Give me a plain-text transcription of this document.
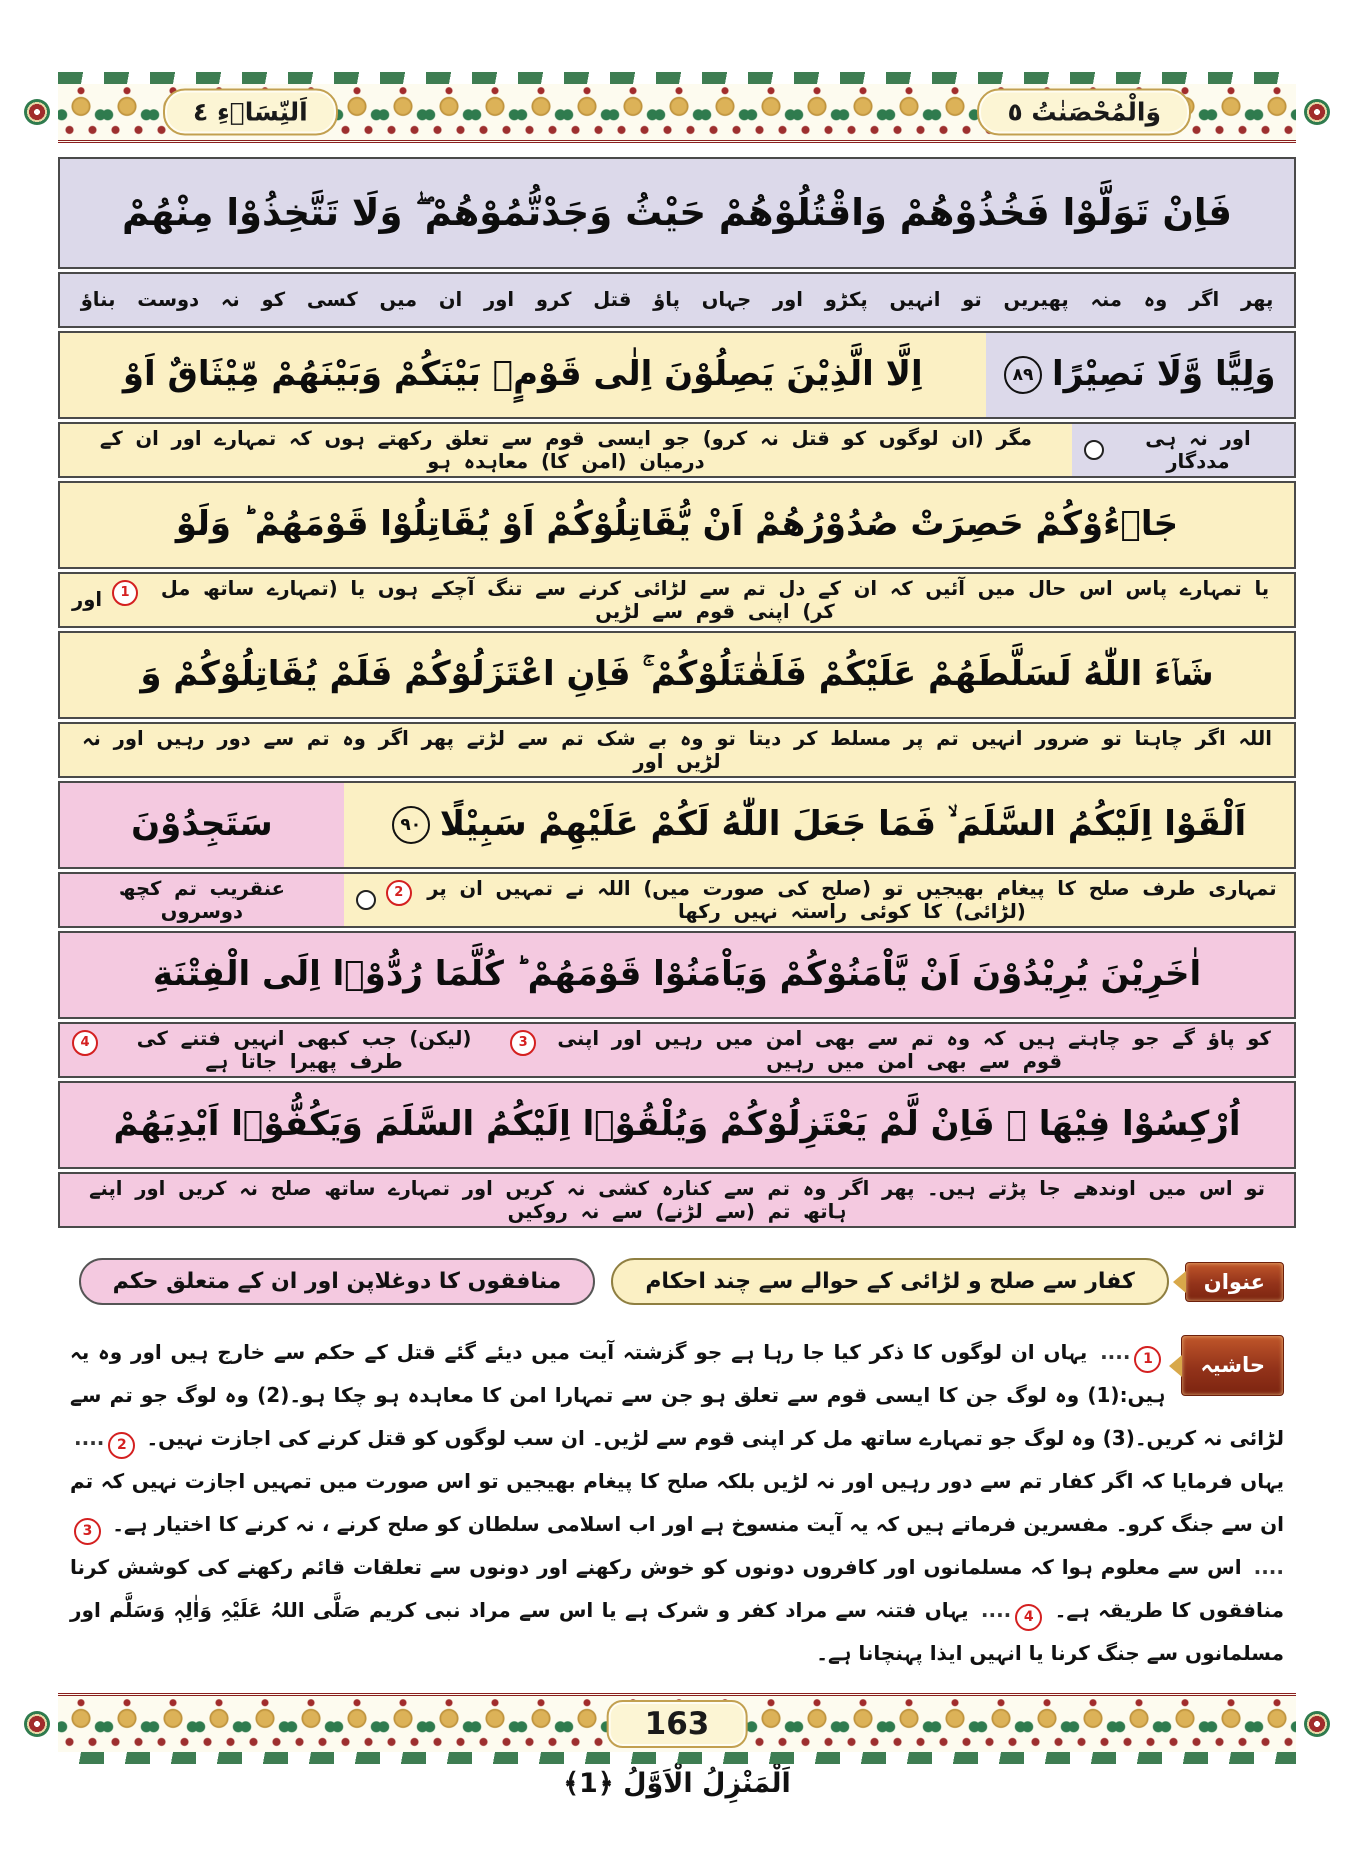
اَلنِّسَاۤءِ ٤	وَالْمُحْصَنٰتُ ٥
فَاِنْ تَوَلَّوْا فَخُذُوْهُمْ وَاقْتُلُوْهُمْ حَيْثُ وَجَدْتُّمُوْهُمْ ۖ وَلَا تَتَّخِذُوْا مِنْهُمْ
پھر اگر وہ منہ پھیریں تو انہیں پکڑو اور جہاں پاؤ قتل کرو اور ان میں کسی کو نہ دوست بناؤ
وَلِيًّا وَّلَا نَصِيْرًا
٨٩
اِلَّا الَّذِيْنَ يَصِلُوْنَ اِلٰى قَوْمٍۭ بَيْنَكُمْ وَبَيْنَهُمْ مِّيْثَاقٌ اَوْ
اور نہ ہی مددگار
مگر (ان لوگوں کو قتل نہ کرو) جو ایسی قوم سے تعلق رکھتے ہوں کہ تمہارے اور ان کے درمیان (امن کا) معاہدہ ہو
جَاۤءُوْكُمْ حَصِرَتْ صُدُوْرُهُمْ اَنْ يُّقَاتِلُوْكُمْ اَوْ يُقَاتِلُوْا قَوْمَهُمْ ؕ وَلَوْ
یا تمہارے پاس اس حال میں آئیں کہ ان کے دل تم سے لڑائی کرنے سے تنگ آچکے ہوں یا (تمہارے ساتھ مل کر) اپنی قوم سے لڑیں
1
اور
شَاۤءَ اللّٰهُ لَسَلَّطَهُمْ عَلَيْكُمْ فَلَقٰتَلُوْكُمْ ۚ فَاِنِ اعْتَزَلُوْكُمْ فَلَمْ يُقَاتِلُوْكُمْ وَ
اللہ اگر چاہتا تو ضرور انہیں تم پر مسلط کر دیتا تو وہ بے شک تم سے لڑتے پھر اگر وہ تم سے دور رہیں اور نہ لڑیں اور
اَلْقَوْا اِلَيْكُمُ السَّلَمَ ۙ فَمَا جَعَلَ اللّٰهُ لَكُمْ عَلَيْهِمْ سَبِيْلًا
٩٠
سَتَجِدُوْنَ
تمہاری طرف صلح کا پیغام بھیجیں تو (صلح کی صورت میں) اللہ نے تمہیں ان پر (لڑائی) کا کوئی راستہ نہیں رکھا
2
عنقریب تم کچھ دوسروں
اٰخَرِيْنَ يُرِيْدُوْنَ اَنْ يَّاْمَنُوْكُمْ وَيَاْمَنُوْا قَوْمَهُمْ ؕ كُلَّمَا رُدُّوْۤا اِلَى الْفِتْنَةِ
کو پاؤ گے جو چاہتے ہیں کہ وہ تم سے بھی امن میں رہیں اور اپنی قوم سے بھی امن میں رہیں
3
(لیکن) جب کبھی انہیں فتنے کی طرف پھیرا جاتا ہے
4
اُرْكِسُوْا فِيْهَا ۚ فَاِنْ لَّمْ يَعْتَزِلُوْكُمْ وَيُلْقُوْۤا اِلَيْكُمُ السَّلَمَ وَيَكُفُّوْۤا اَيْدِيَهُمْ
تو اس میں اوندھے جا پڑتے ہیں۔ پھر اگر وہ تم سے کنارہ کشی نہ کریں اور تمہارے ساتھ صلح نہ کریں اور اپنے ہاتھ تم (سے لڑنے) سے نہ روکیں
عنوان
کفار سے صلح و لڑائی کے حوالے سے چند احکام
منافقوں کا دوغلاپن اور ان کے متعلق حکم
حاشیہ
1.... یہاں ان لوگوں کا ذکر کیا جا رہا ہے جو گزشتہ آیت میں دیئے گئے قتل کے حکم سے خارج ہیں اور وہ یہ ہیں:(1) وہ لوگ جن کا ایسی قوم سے تعلق ہو جن سے تمہارا امن کا معاہدہ ہو چکا ہو۔(2) وہ لوگ جو تم سے لڑائی نہ کریں۔(3) وہ لوگ جو تمہارے ساتھ مل کر اپنی قوم سے لڑیں۔ ان سب لوگوں کو قتل کرنے کی اجازت نہیں۔ 2.... یہاں فرمایا کہ اگر کفار تم سے دور رہیں اور نہ لڑیں بلکہ صلح کا پیغام بھیجیں تو اس صورت میں تمہیں اجازت نہیں کہ تم ان سے جنگ کرو۔ مفسرین فرماتے ہیں کہ یہ آیت منسوخ ہے اور اب اسلامی سلطان کو صلح کرنے ، نہ کرنے کا اختیار ہے۔ 3.... اس سے معلوم ہوا کہ مسلمانوں اور کافروں دونوں کو خوش رکھنے اور دونوں سے تعلقات قائم رکھنے کی کوشش کرنا منافقوں کا طریقہ ہے۔ 4.... یہاں فتنہ سے مراد کفر و شرک ہے یا اس سے مراد نبی کریم صَلَّی اللہُ عَلَیْہِ وَاٰلِہٖ وَسَلَّم اور مسلمانوں سے جنگ کرنا یا انہیں ایذا پہنچانا ہے۔
163
اَلْمَنْزِلُ الْاَوَّلُ ﴿1﴾
